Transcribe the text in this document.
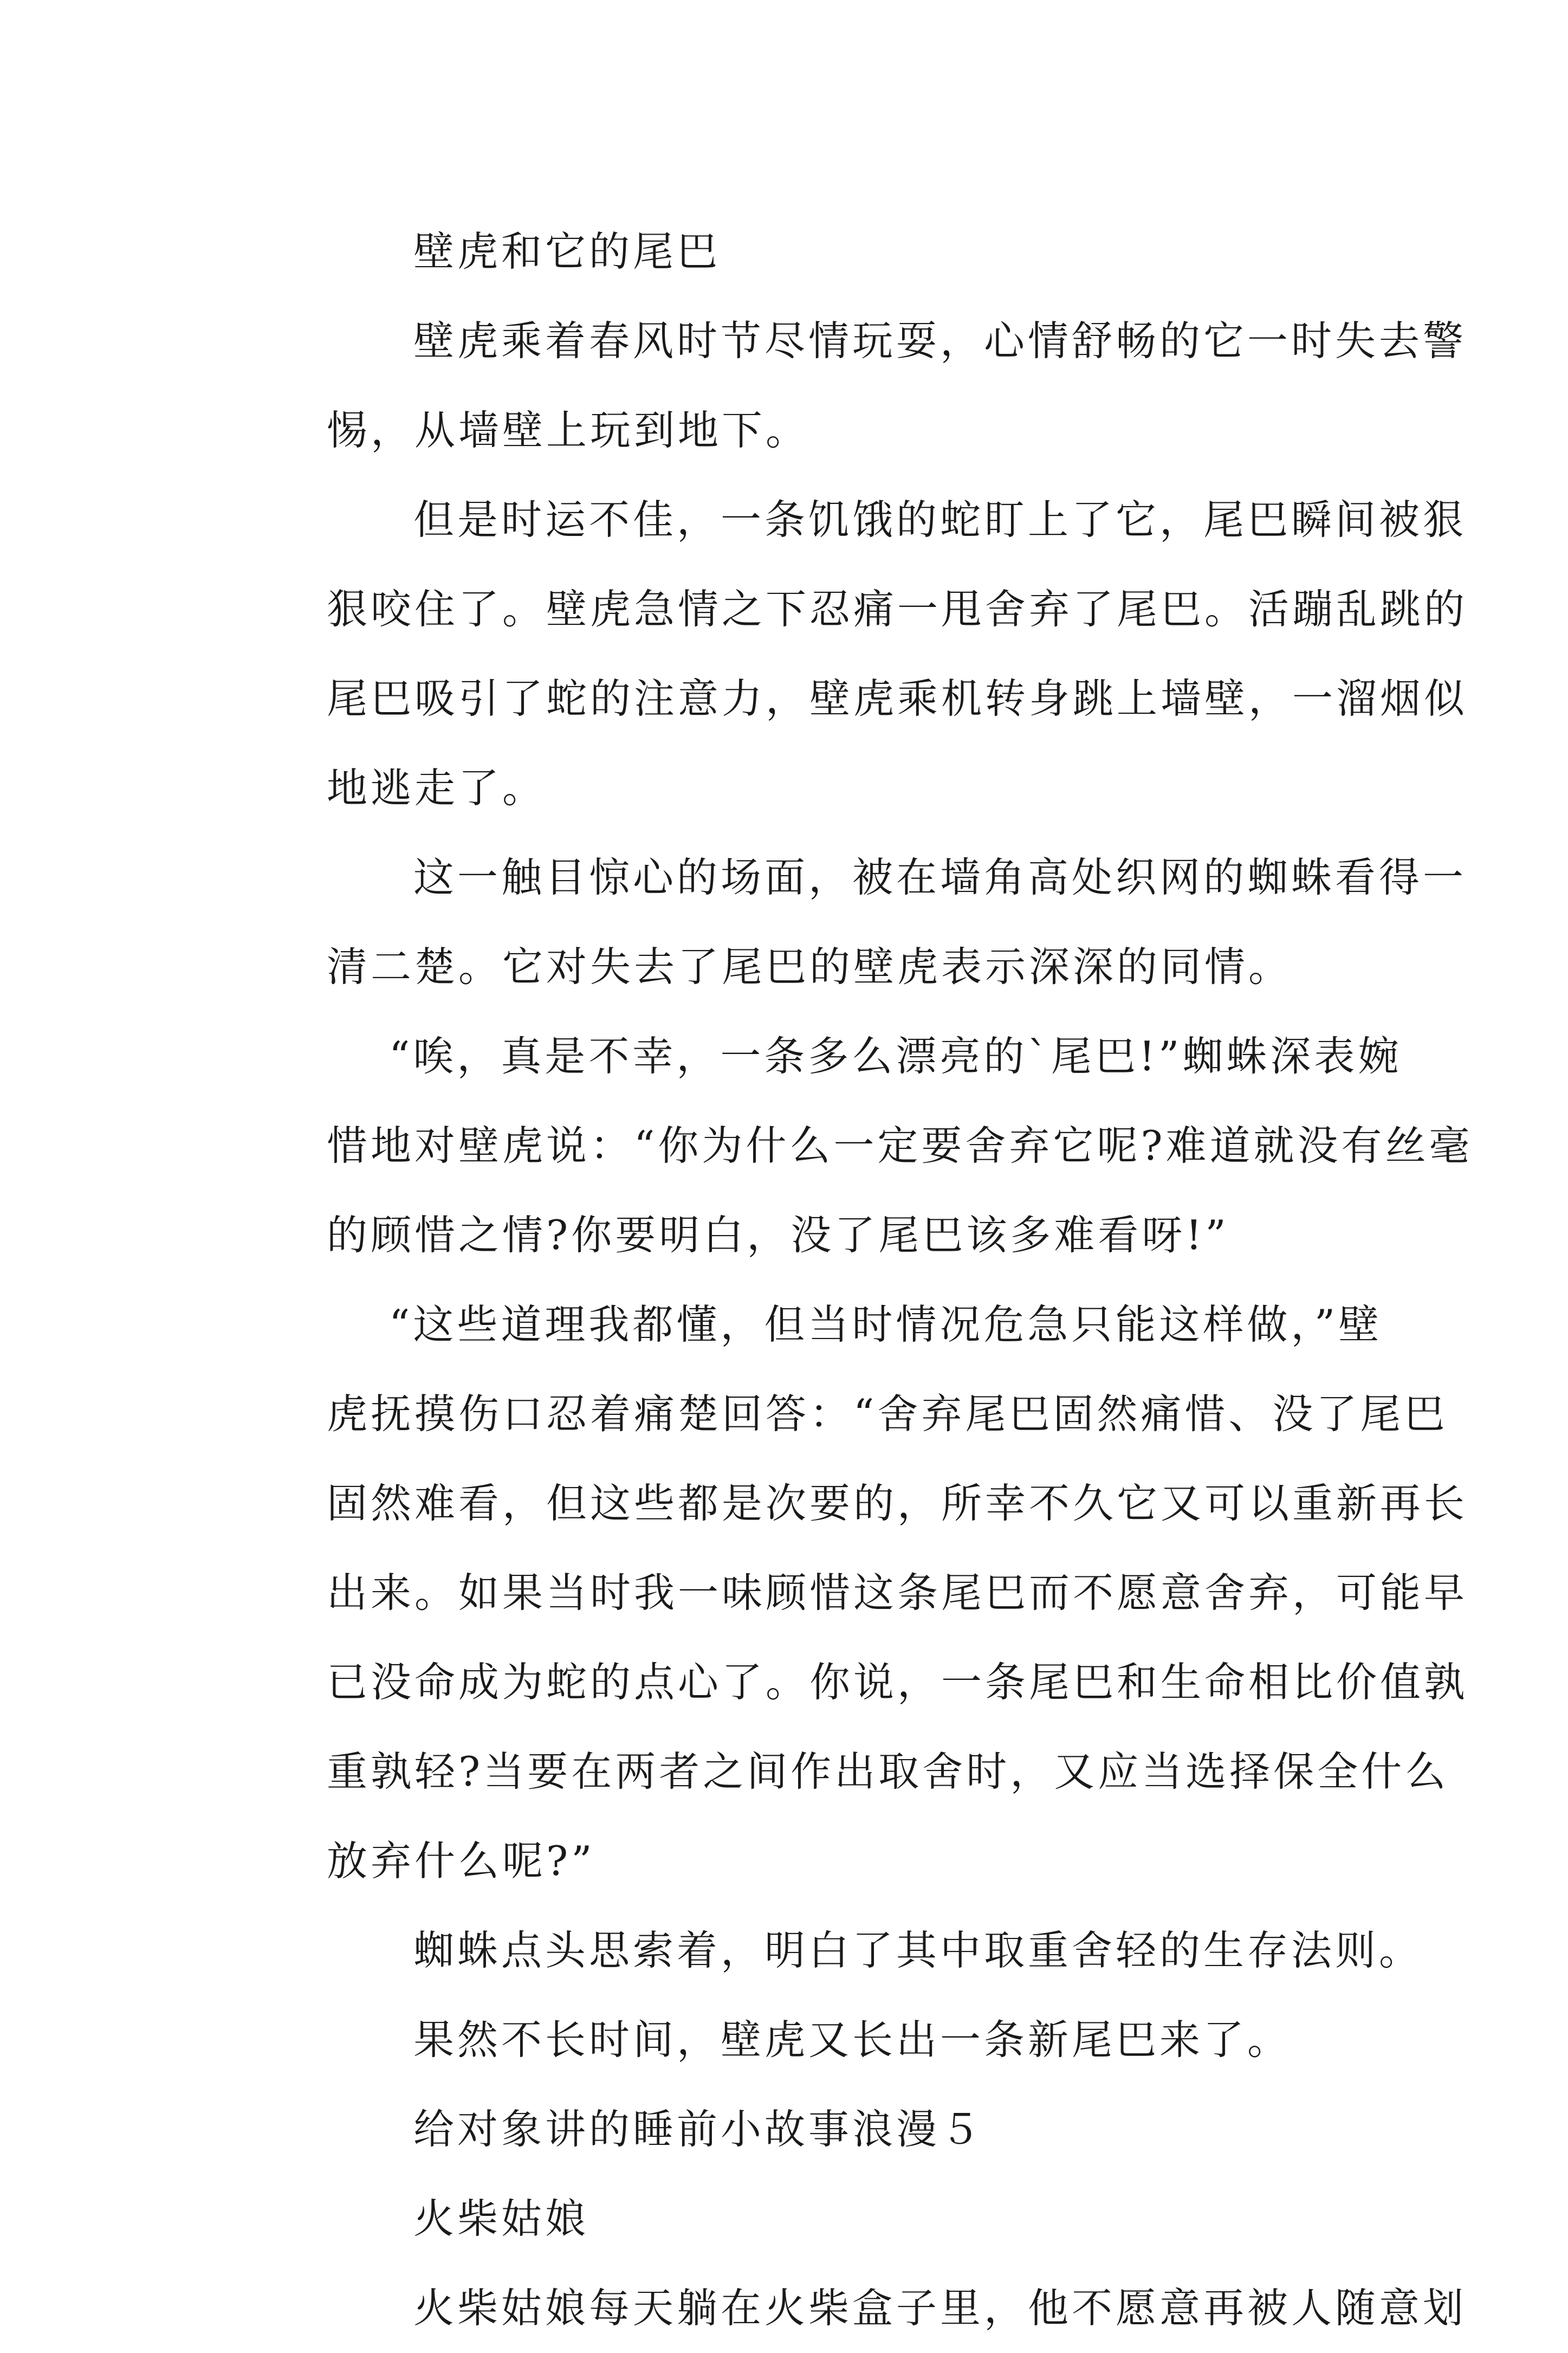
壁虎和它的尾巴
壁虎乘着春风时节尽情玩耍，心情舒畅的它一时失去警
惕，从墙壁上玩到地下。
但是时运不佳，一条饥饿的蛇盯上了它，尾巴瞬间被狠
狠咬住了。壁虎急情之下忍痛一甩舍弃了尾巴。活蹦乱跳的
尾巴吸引了蛇的注意力，壁虎乘机转身跳上墙壁，一溜烟似
地逃走了。
这一触目惊心的场面，被在墙角高处织网的蜘蛛看得一
清二楚。它对失去了尾巴的壁虎表示深深的同情。
“唉，真是不幸，一条多么漂亮的`尾巴!”蜘蛛深表婉
惜地对壁虎说：“你为什么一定要舍弃它呢?难道就没有丝毫
的顾惜之情?你要明白，没了尾巴该多难看呀!”
“这些道理我都懂，但当时情况危急只能这样做，”壁
虎抚摸伤口忍着痛楚回答：“舍弃尾巴固然痛惜、没了尾巴
固然难看，但这些都是次要的，所幸不久它又可以重新再长
出来。如果当时我一味顾惜这条尾巴而不愿意舍弃，可能早
已没命成为蛇的点心了。你说，一条尾巴和生命相比价值孰
重孰轻?当要在两者之间作出取舍时，又应当选择保全什么
放弃什么呢?”
蜘蛛点头思索着，明白了其中取重舍轻的生存法则。
果然不长时间，壁虎又长出一条新尾巴来了。
给对象讲的睡前小故事浪漫５
火柴姑娘
火柴姑娘每天躺在火柴盒子里，他不愿意再被人随意划
